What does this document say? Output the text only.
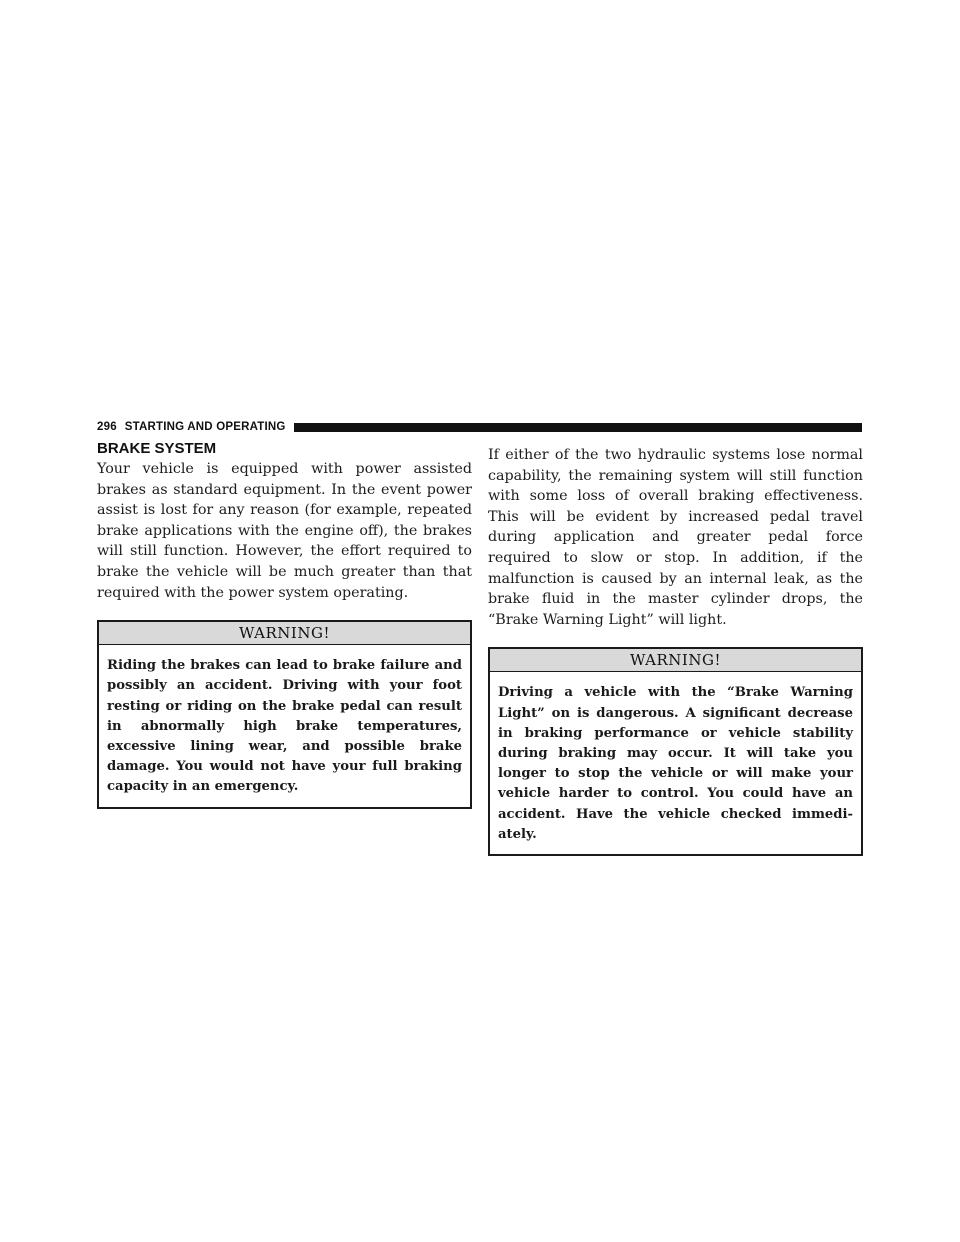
296 STARTING AND OPERATING
BRAKE SYSTEM

Your vehicle is equipped with power assisted brakes as standard equipment. In the event power assist is lost for any reason (for example, repeated brake applications with the engine off), the brakes will still function. However, the effort required to brake the vehicle will be much greater than that required with the power system operating.

WARNING!

Riding the brakes can lead to brake failure and possibly an accident. Driving with your foot resting or riding on the brake pedal can result in abnormally high brake temperatures, excessive lining wear, and possible brake damage. You would not have your full braking capacity in an emergency.

If either of the two hydraulic systems lose normal capability, the remaining system will still function with some loss of overall braking effectiveness. This will be evident by increased pedal travel during application and greater pedal force required to slow or stop. In addition, if the malfunction is caused by an internal leak, as the brake fluid in the master cylinder drops, the “Brake Warning Light” will light.

WARNING!

Driving a vehicle with the “Brake Warning Light” on is dangerous. A significant decrease in braking performance or vehicle stability during braking may occur. It will take you longer to stop the vehicle or will make your vehicle harder to control. You could have an accident. Have the vehicle checked immediately.
